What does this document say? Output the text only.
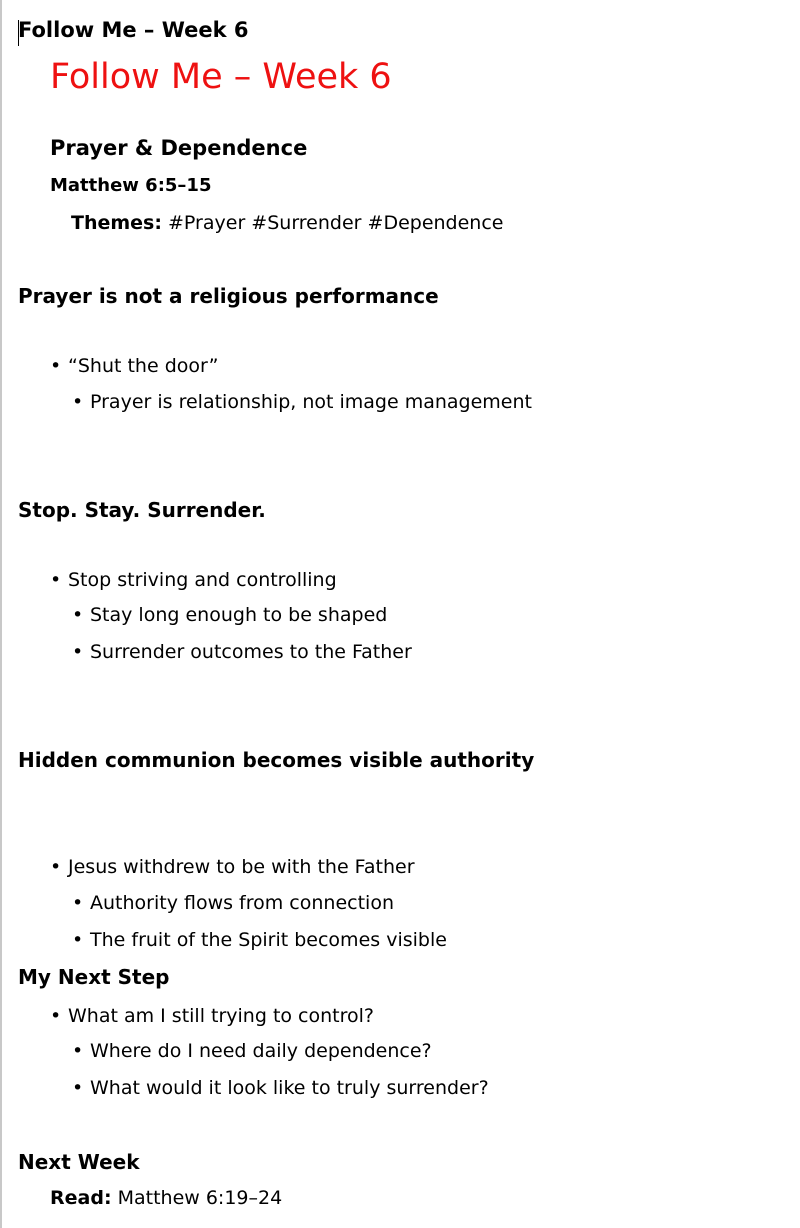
Follow Me – Week 6
Follow Me – Week 6
Prayer & Dependence
Matthew 6:5–15
Themes: #Prayer #Surrender #Dependence
Prayer is not a religious performance
• “Shut the door”
• Prayer is relationship, not image management
Stop. Stay. Surrender.
• Stop striving and controlling
• Stay long enough to be shaped
• Surrender outcomes to the Father
Hidden communion becomes visible authority
• Jesus withdrew to be with the Father
• Authority flows from connection
• The fruit of the Spirit becomes visible
My Next Step
• What am I still trying to control?
• Where do I need daily dependence?
• What would it look like to truly surrender?
Next Week
Read: Matthew 6:19–24
